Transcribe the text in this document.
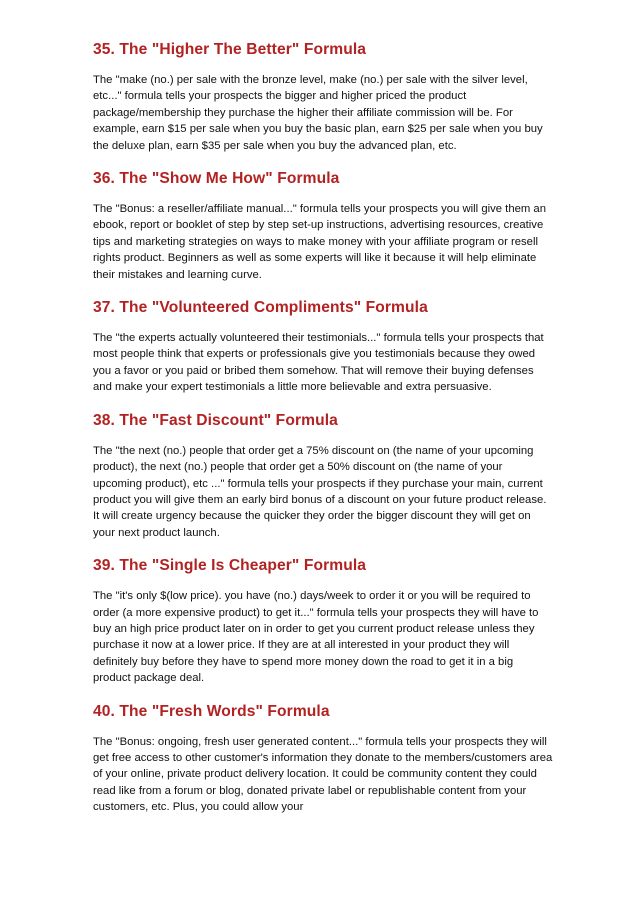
35. The "Higher The Better" Formula

The "make (no.) per sale with the bronze level, make (no.) per sale with the silver level, etc..." formula tells your prospects the bigger and higher priced the product package/membership they purchase the higher their affiliate commission will be. For example, earn $15 per sale when you buy the basic plan, earn $25 per sale when you buy the deluxe plan, earn $35 per sale when you buy the advanced plan, etc.

36. The "Show Me How" Formula

The "Bonus: a reseller/affiliate manual..." formula tells your prospects you will give them an ebook, report or booklet of step by step set-up instructions, advertising resources, creative tips and marketing strategies on ways to make money with your affiliate program or resell rights product. Beginners as well as some experts will like it because it will help eliminate their mistakes and learning curve.

37. The "Volunteered Compliments" Formula

The "the experts actually volunteered their testimonials..." formula tells your prospects that most people think that experts or professionals give you testimonials because they owed you a favor or you paid or bribed them somehow. That will remove their buying defenses and make your expert testimonials a little more believable and extra persuasive.

38. The "Fast Discount" Formula

The "the next (no.) people that order get a 75% discount on (the name of your upcoming product), the next (no.) people that order get a 50% discount on (the name of your upcoming product), etc ..." formula tells your prospects if they purchase your main, current product you will give them an early bird bonus of a discount on your future product release. It will create urgency because the quicker they order the bigger discount they will get on your next product launch.

39. The "Single Is Cheaper" Formula

The "it's only $(low price). you have (no.) days/week to order it or you will be required to order (a more expensive product) to get it..." formula tells your prospects they will have to buy an high price product later on in order to get you current product release unless they purchase it now at a lower price. If they are at all interested in your product they will definitely buy before they have to spend more money down the road to get it in a big product package deal.

40. The "Fresh Words" Formula

The "Bonus: ongoing, fresh user generated content..." formula tells your prospects they will get free access to other customer's information they donate to the members/customers area of your online, private product delivery location. It could be community content they could read like from a forum or blog, donated private label or republishable content from your customers, etc. Plus, you could allow your
